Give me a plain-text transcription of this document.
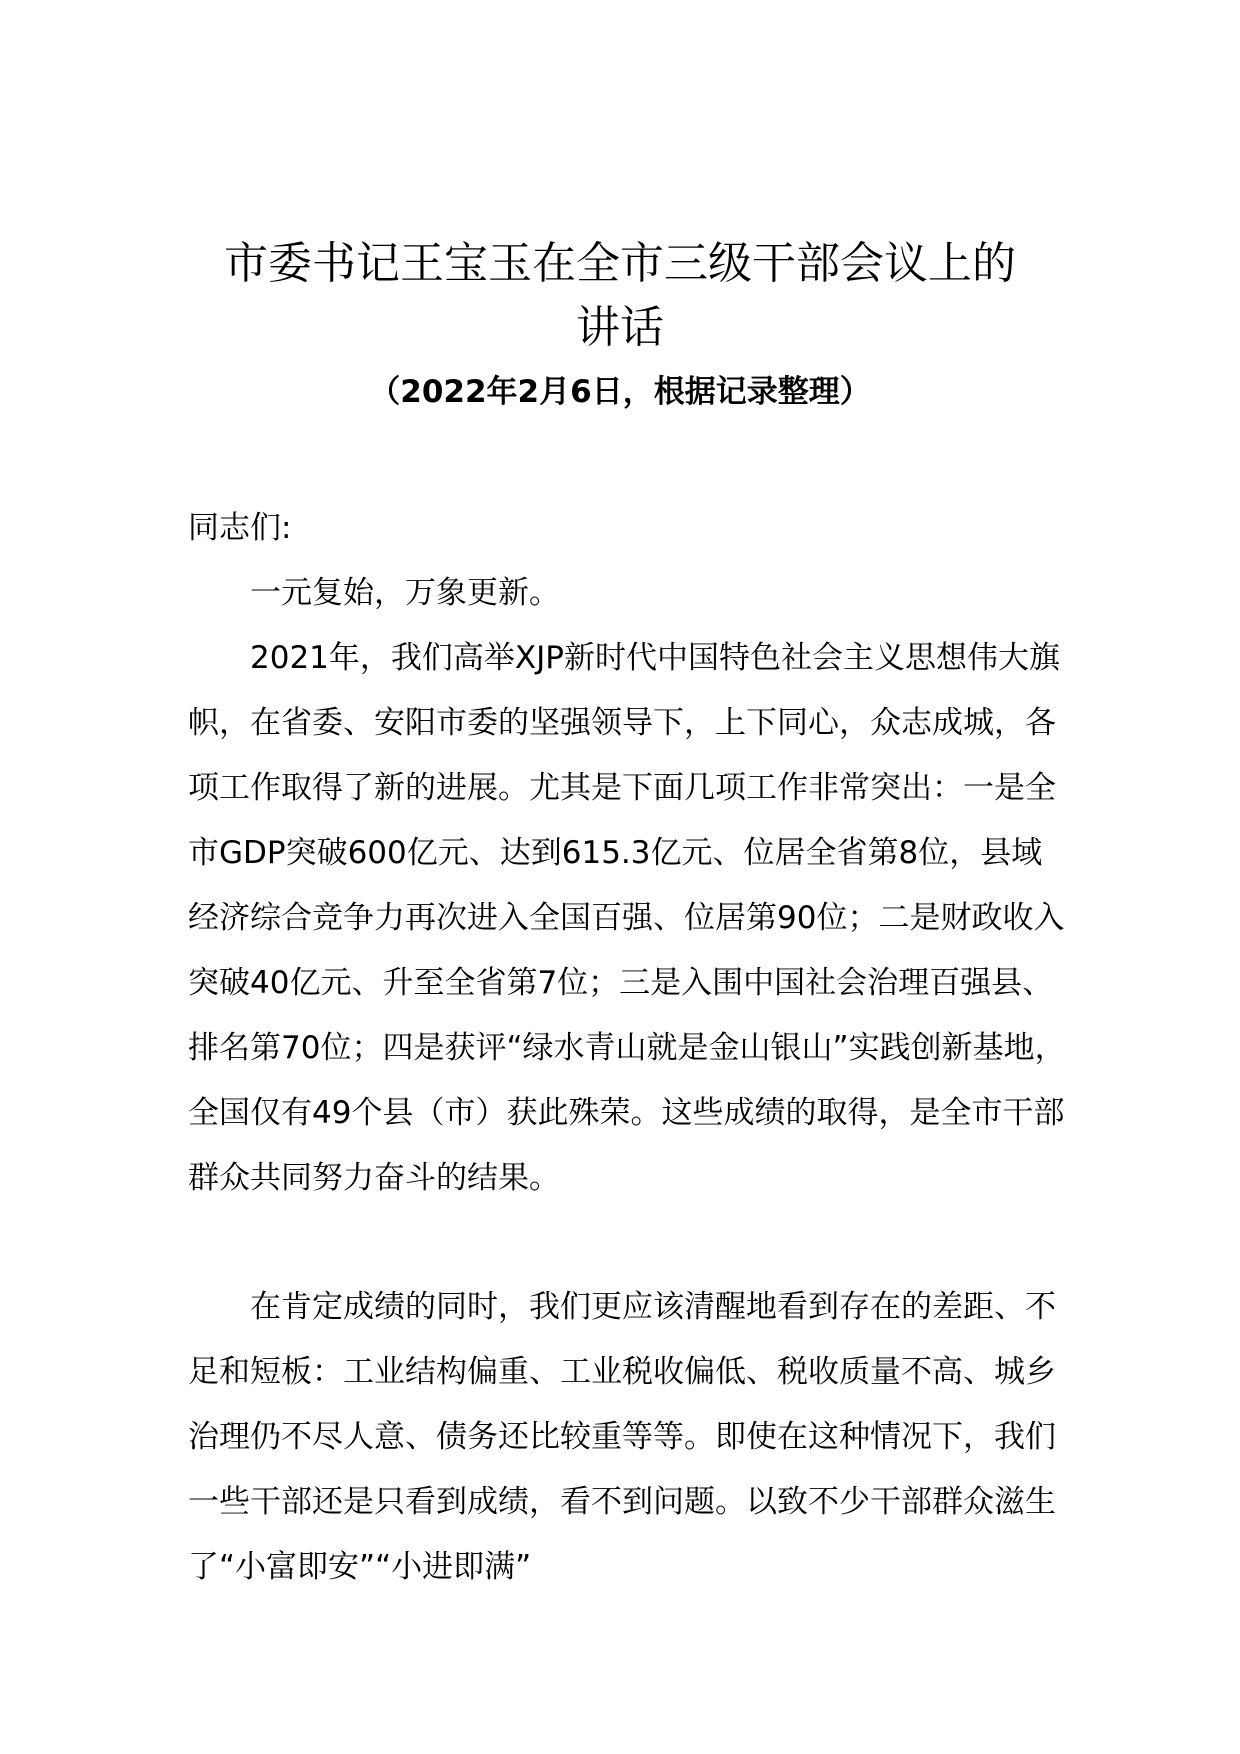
市委书记王宝玉在全市三级干部会议上的
讲话

（2022年2月6日，根据记录整理）

同志们:

一元复始，万象更新。

2021年，我们高举XJP新时代中国特色社会主义思想伟大旗帜，在省委、安阳市委的坚强领导下，上下同心，众志成城，各项工作取得了新的进展。尤其是下面几项工作非常突出：一是全市GDP突破600亿元、达到615.3亿元、位居全省第8位，县域经济综合竞争力再次进入全国百强、位居第90位；二是财政收入突破40亿元、升至全省第7位；三是入围中国社会治理百强县、排名第70位；四是获评“绿水青山就是金山银山”实践创新基地，全国仅有49个县（市）获此殊荣。这些成绩的取得，是全市干部群众共同努力奋斗的结果。

在肯定成绩的同时，我们更应该清醒地看到存在的差距、不足和短板：工业结构偏重、工业税收偏低、税收质量不高、城乡治理仍不尽人意、债务还比较重等等。即使在这种情况下，我们一些干部还是只看到成绩，看不到问题。以致不少干部群众滋生了“小富即安”“小进即满”
